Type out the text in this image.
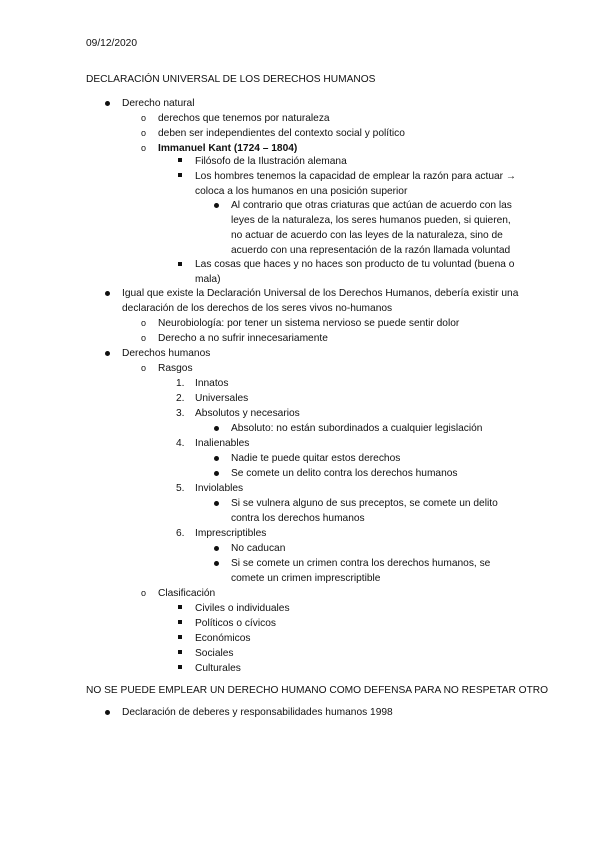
09/12/2020
DECLARACIÓN UNIVERSAL DE LOS DERECHOS HUMANOS
Derecho natural
o derechos que tenemos por naturaleza
o deben ser independientes del contexto social y político
o Immanuel Kant (1724 – 1804)
Filósofo de la Ilustración alemana
Los hombres tenemos la capacidad de emplear la razón para actuar →
coloca a los humanos en una posición superior
Al contrario que otras criaturas que actúan de acuerdo con las
leyes de la naturaleza, los seres humanos pueden, si quieren,
no actuar de acuerdo con las leyes de la naturaleza, sino de
acuerdo con una representación de la razón llamada voluntad
Las cosas que haces y no haces son producto de tu voluntad (buena o
mala)
Igual que existe la Declaración Universal de los Derechos Humanos, debería existir una
declaración de los derechos de los seres vivos no-humanos
o Neurobiología: por tener un sistema nervioso se puede sentir dolor
o Derecho a no sufrir innecesariamente
Derechos humanos
o Rasgos
1. Innatos
2. Universales
3. Absolutos y necesarios
Absoluto: no están subordinados a cualquier legislación
4. Inalienables
Nadie te puede quitar estos derechos
Se comete un delito contra los derechos humanos
5. Inviolables
Si se vulnera alguno de sus preceptos, se comete un delito
contra los derechos humanos
6. Imprescriptibles
No caducan
Si se comete un crimen contra los derechos humanos, se
comete un crimen imprescriptible
o Clasificación
Civiles o individuales
Políticos o cívicos
Económicos
Sociales
Culturales
NO SE PUEDE EMPLEAR UN DERECHO HUMANO COMO DEFENSA PARA NO RESPETAR OTRO
Declaración de deberes y responsabilidades humanos 1998
